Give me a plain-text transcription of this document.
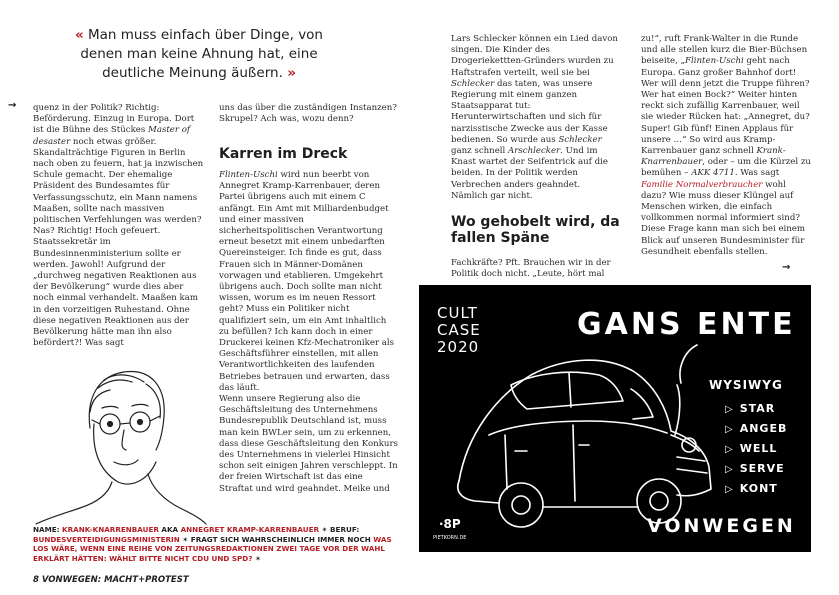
« Man muss einfach über Dinge, von denen man keine Ahnung hat, eine deutliche Meinung äußern. »
→ quenz in der Politik? Richtig: Beförderung. Einzug in Europa. Dort ist die Bühne des Stückes Master of desaster noch etwas größer. Skandalträchtige Figuren in Berlin nach oben zu feuern, hat ja inzwischen Schule gemacht. Der ehemalige Präsident des Bundesamtes für Verfassungsschutz, ein Mann namens Maaßen, sollte nach massiven politischen Verfehlungen was werden? Nas? Richtig! Hoch gefeuert. Staatssekretär im Bundesinnenministerium sollte er werden. Jawohl! Aufgrund der „durchweg negativen Reaktionen aus der Bevölkerung“ wurde dies aber noch einmal verhandelt. Maaßen kam in den vorzeitigen Ruhestand. Ohne diese negativen Reaktionen aus der Bevölkerung hätte man ihn also befördert?! Was sagt

uns das über die zuständigen Instanzen? Skrupel? Ach was, wozu denn?

Karren im Dreck

Flinten-Uschi wird nun beerbt von Annegret Kramp-Karrenbauer, deren Partei übrigens auch mit einem C anfängt. Ein Amt mit Milliardenbudget und einer massiven sicherheitspolitischen Verantwortung erneut besetzt mit einem unbedarften Quereinsteiger. Ich finde es gut, dass Frauen sich in Männer-Domänen vorwagen und etablieren. Umgekehrt übrigens auch. Doch sollte man nicht wissen, worum es im neuen Ressort geht? Muss ein Politiker nicht qualifiziert sein, um ein Amt inhaltlich zu befüllen? Ich kann doch in einer Druckerei keinen Kfz-Mechatroniker als Geschäftsführer einstellen, mit allen Verantwortlichkeiten des laufenden Betriebes betrauen und erwarten, dass das läuft.

Wenn unsere Regierung also die Geschäftsleitung des Unternehmens Bundesrepublik Deutschland ist, muss man kein BWLer sein, um zu erkennen, dass diese Geschäftsleitung den Konkurs des Unternehmens in vielerlei Hinsicht schon seit einigen Jahren verschleppt. In der freien Wirtschaft ist das eine Straftat und wird geahndet. Meike und

NAME: KRANK-KNARRENBAUER AKA ANNEGRET KRAMP-KARRENBAUER ✶ BERUF: BUNDESVERTEIDIGUNGSMINISTERIN ✶ FRAGT SICH WAHRSCHEINLICH IMMER NOCH WAS LOS WÄRE, WENN EINE REIHE VON ZEITUNGSREDAKTIONEN ZWEI TAGE VOR DER WAHL ERKLÄRT HÄTTEN: WÄHLT BITTE NICHT CDU UND SPD? ✶
8 VONWEGEN: MACHT+PROTEST

Lars Schlecker können ein Lied davon singen. Die Kinder des Drogeriekettten-Gründers wurden zu Haftstrafen verteilt, weil sie bei Schlecker das taten, was unsere Regierung mit einem ganzen Staatsapparat tut: Herunterwirtschaften und sich für narzisstische Zwecke aus der Kasse bedienen. So wurde aus Schlecker ganz schnell Arschlecker. Und im Knast wartet der Seifentrick auf die beiden. In der Politik werden Verbrechen anders geahndet. Nämlich gar nicht.

Wo gehobelt wird, da fallen Späne

Fachkräfte? Pft. Brauchen wir in der Politik doch nicht. „Leute, hört mal

zu!“, ruft Frank-Walter in die Runde und alle stellen kurz die Bier-Büchsen beiseite, „Flinten-Uschi geht nach Europa. Ganz großer Bahnhof dort! Wer will denn jetzt die Truppe führen? Wer hat einen Bock?“ Weiter hinten reckt sich zufällig Karrenbauer, weil sie wieder Rücken hat: „Annegret, du? Super! Gib fünf! Einen Applaus für unsere …“ So wird aus Kramp-Karrenbauer ganz schnell Krank-Knarrenbauer, oder – um die Kürzel zu bemühen – AKK 4711. Was sagt Familie Normalverbraucher wohl dazu? Wie muss dieser Klüngel auf Menschen wirken, die einfach vollkommen normal informiert sind? Diese Frage kann man sich bei einem Blick auf unseren Bundesminister für Gesundheit ebenfalls stellen.

→
CULT
CASE
2020
GANS ENTE
WYSIWYG
▷ STAR
▷ ANGEB
▷ WELL
▷ SERVE
▷ KONT
VONWEGEN
·8P
PIETKORN.DE
